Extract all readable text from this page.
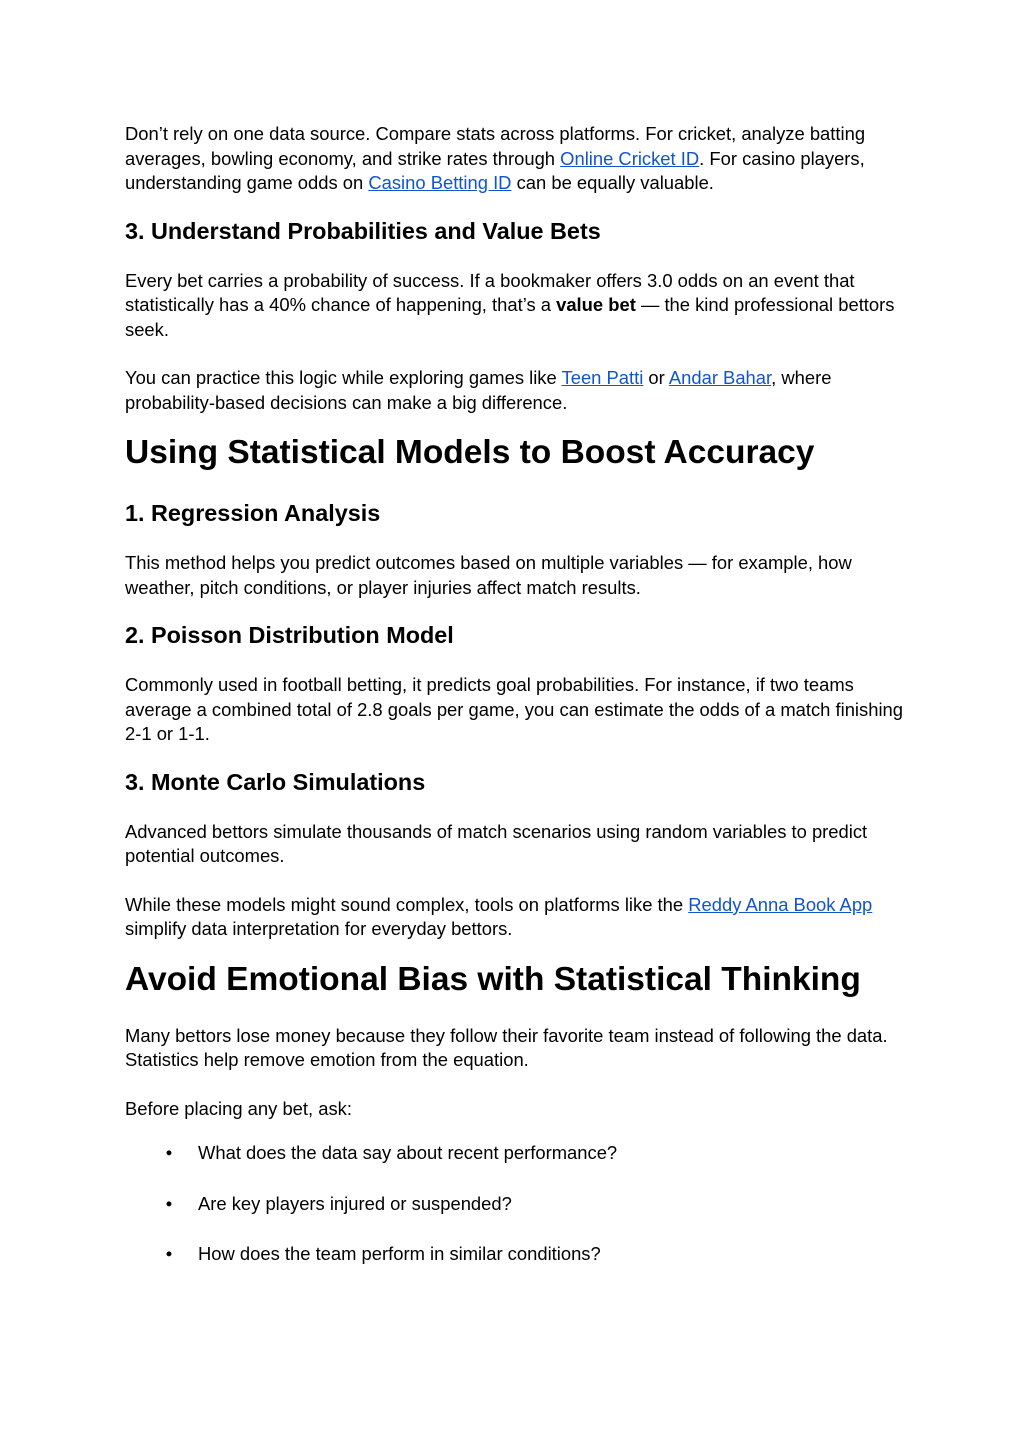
Don’t rely on one data source. Compare stats across platforms. For cricket, analyze batting averages, bowling economy, and strike rates through Online Cricket ID. For casino players, understanding game odds on Casino Betting ID can be equally valuable.

3. Understand Probabilities and Value Bets

Every bet carries a probability of success. If a bookmaker offers 3.0 odds on an event that statistically has a 40% chance of happening, that’s a value bet — the kind professional bettors seek.

You can practice this logic while exploring games like Teen Patti or Andar Bahar, where probability-based decisions can make a big difference.

Using Statistical Models to Boost Accuracy
1. Regression Analysis

This method helps you predict outcomes based on multiple variables — for example, how weather, pitch conditions, or player injuries affect match results.

2. Poisson Distribution Model

Commonly used in football betting, it predicts goal probabilities. For instance, if two teams average a combined total of 2.8 goals per game, you can estimate the odds of a match finishing 2-1 or 1-1.

3. Monte Carlo Simulations

Advanced bettors simulate thousands of match scenarios using random variables to predict potential outcomes.

While these models might sound complex, tools on platforms like the Reddy Anna Book App simplify data interpretation for everyday bettors.

Avoid Emotional Bias with Statistical Thinking

Many bettors lose money because they follow their favorite team instead of following the data. Statistics help remove emotion from the equation.

Before placing any bet, ask:

●	What does the data say about recent performance?
●	Are key players injured or suspended?
●	How does the team perform in similar conditions?
